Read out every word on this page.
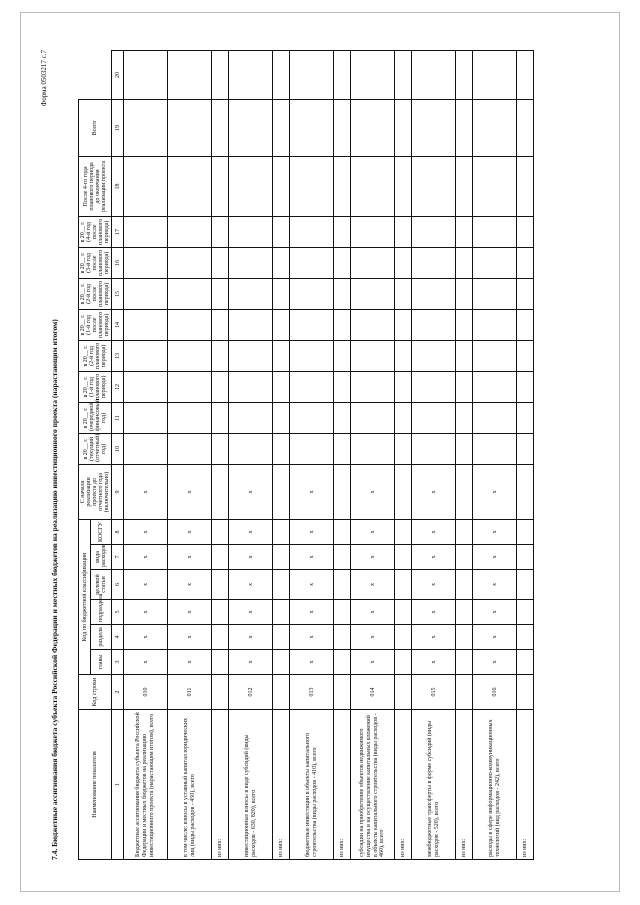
Форма 0503217 с.7
7.4. Бюджетные ассигнования бюджета субъекта Российской Федерации и местных бюджетов на реализацию инвестиционного проекта (нарастающим итогом)	Наименование показателя	Код строки	Код по бюджетной классификации						С начала реализации проекта до отчетного года (включительно)	в 20__ г. (текущий (отчетный) год)	в 20__ г. (очередной финансовый год)	в 20__ г. (1-й год планового периода)	в 20__ г. (2-й год планового периода)	в 20__ г. (1-й год после планового периода)	в 20__ г. (2-й год после планового периода)	в 20__ г. (3-й год после планового периода)	в 20__ г. (4-й год после планового периода)	После 4-го года планового периода до окончания реализации проекта	Всего	
		главы	раздела	подраздела	целевой статьи	вида расходов	КОСГУ												
1	2	3	4	5	6	7	8	9	10	11	12	13	14	15	16	17	18	19	20
Бюджетные ассигнования бюджета субъекта Российской Федерации и местных бюджетов на реализацию инвестиционного проекта (нарастающим итогом), всего	010	x	x	x	x	x	x	x											
в том числе: взносы в уставный капитал юридических лиц (виды расходов - 450), всего	011	x	x	x	x	x	x	x											
из них:																			
инвестиционные взносы в виде субсидий (виды расходов - 630, 820), всего	012	x	x	x	x	x	x	x											
из них:																			
бюджетные инвестиции в объекты капитального строительства (виды расходов - 410), всего	013	x	x	x	x	x	x	x											
из них:																			
субсидии на приобретение объектов недвижимого имущества и на осуществление капитальных вложений в объекты капитального строительства (виды расходов - 460), всего	014	x	x	x	x	x	x	x											
из них:																			
межбюджетные трансферты в форме субсидий (виды расходов - 520), всего	015	x	x	x	x	x	x	x											
из них:																			
расходы в сфере информационно-коммуникационных технологий (вид расходов - 242), всего	016	x	x	x	x	x	x	x											
из них:																			
